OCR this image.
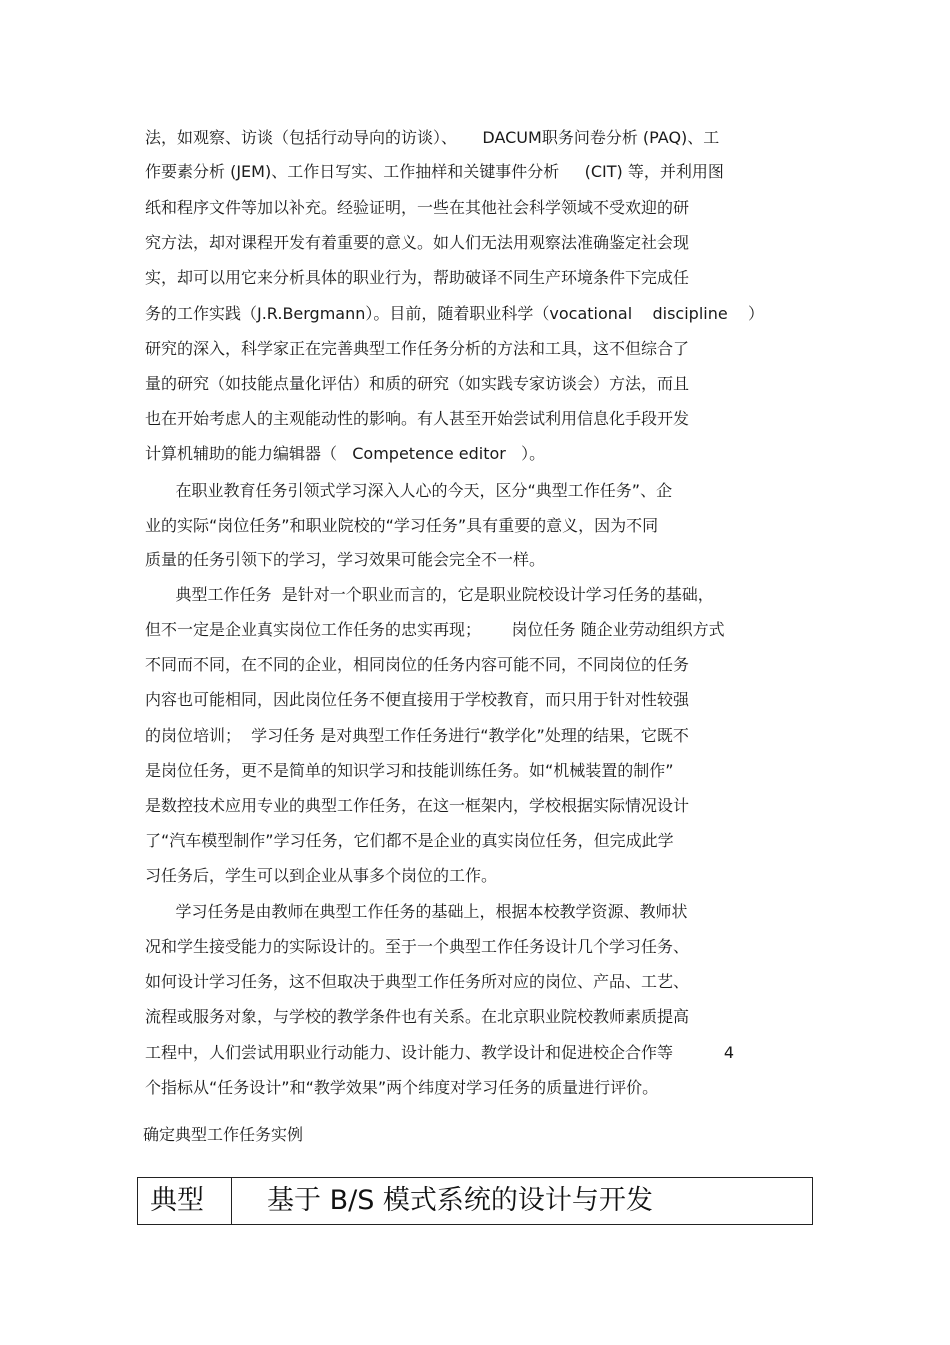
法，如观察、访谈（包括行动导向的访谈）、     DACUM职务问卷分析 (PAQ)、工
作要素分析 (JEM)、工作日写实、工作抽样和关键事件分析     (CIT) 等，并利用图
纸和程序文件等加以补充。经验证明，一些在其他社会科学领域不受欢迎的研
究方法，却对课程开发有着重要的意义。如人们无法用观察法准确鉴定社会现
实，却可以用它来分析具体的职业行为，帮助破译不同生产环境条件下完成任
务的工作实践（J.R.Bergmann）。目前，随着职业科学（vocational    discipline    ）
研究的深入，科学家正在完善典型工作任务分析的方法和工具，这不但综合了
量的研究（如技能点量化评估）和质的研究（如实践专家访谈会）方法，而且
也在开始考虑人的主观能动性的影响。有人甚至开始尝试利用信息化手段开发
计算机辅助的能力编辑器（   Competence editor   ）。
在职业教育任务引领式学习深入人心的今天，区分“典型工作任务”、企
业的实际“岗位任务”和职业院校的“学习任务”具有重要的意义，因为不同
质量的任务引领下的学习，学习效果可能会完全不一样。
典型工作任务  是针对一个职业而言的，它是职业院校设计学习任务的基础，
但不一定是企业真实岗位工作任务的忠实再现；      岗位任务 随企业劳动组织方式
不同而不同，在不同的企业，相同岗位的任务内容可能不同，不同岗位的任务
内容也可能相同，因此岗位任务不便直接用于学校教育，而只用于针对性较强
的岗位培训；  学习任务 是对典型工作任务进行“教学化”处理的结果，它既不
是岗位任务，更不是简单的知识学习和技能训练任务。如“机械装置的制作”
是数控技术应用专业的典型工作任务，在这一框架内，学校根据实际情况设计
了“汽车模型制作”学习任务，它们都不是企业的真实岗位任务，但完成此学
习任务后，学生可以到企业从事多个岗位的工作。
学习任务是由教师在典型工作任务的基础上，根据本校教学资源、教师状
况和学生接受能力的实际设计的。至于一个典型工作任务设计几个学习任务、
如何设计学习任务，这不但取决于典型工作任务所对应的岗位、产品、工艺、
流程或服务对象，与学校的教学条件也有关系。在北京职业院校教师素质提高
工程中，人们尝试用职业行动能力、设计能力、教学设计和促进校企合作等          4
个指标从“任务设计”和“教学效果”两个纬度对学习任务的质量进行评价。
确定典型工作任务实例
典型	基于 B/S 模式系统的设计与开发
